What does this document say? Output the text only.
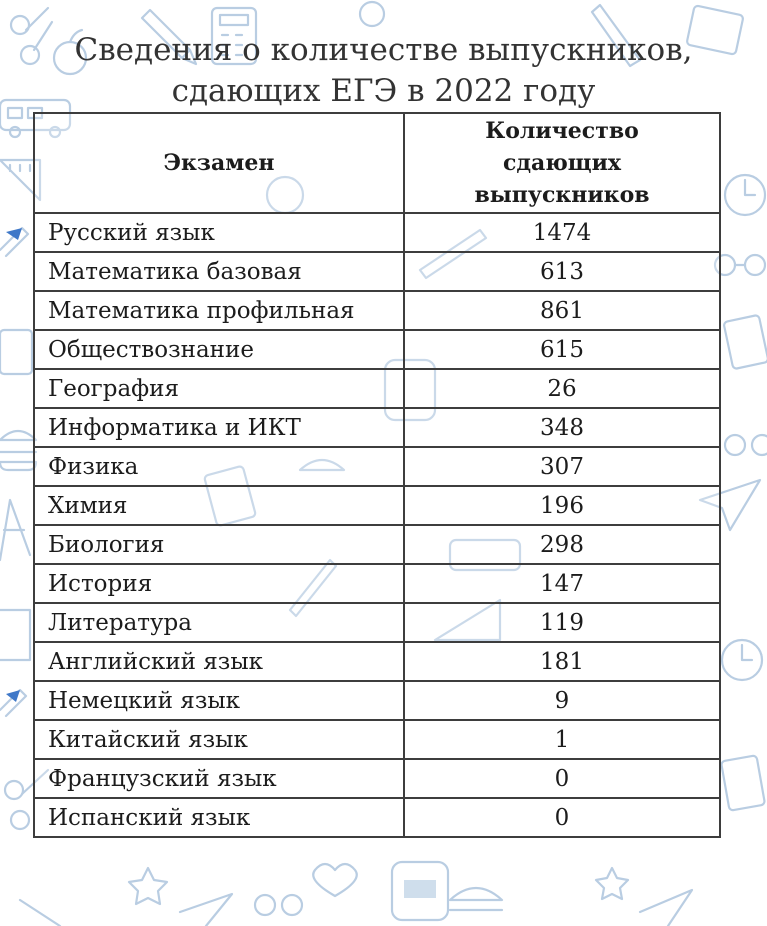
Сведения о количестве выпускников,
сдающих ЕГЭ в 2022 году
Экзамен	Количество
сдающих
выпускников

Русский язык	1474
Математика базовая	613
Математика профильная	861
Обществознание	615
География	26
Информатика и ИКТ	348
Физика	307
Химия	196
Биология	298
История	147
Литература	119
Английский язык	181
Немецкий язык	9
Китайский язык	1
Французский язык	0
Испанский язык	0
